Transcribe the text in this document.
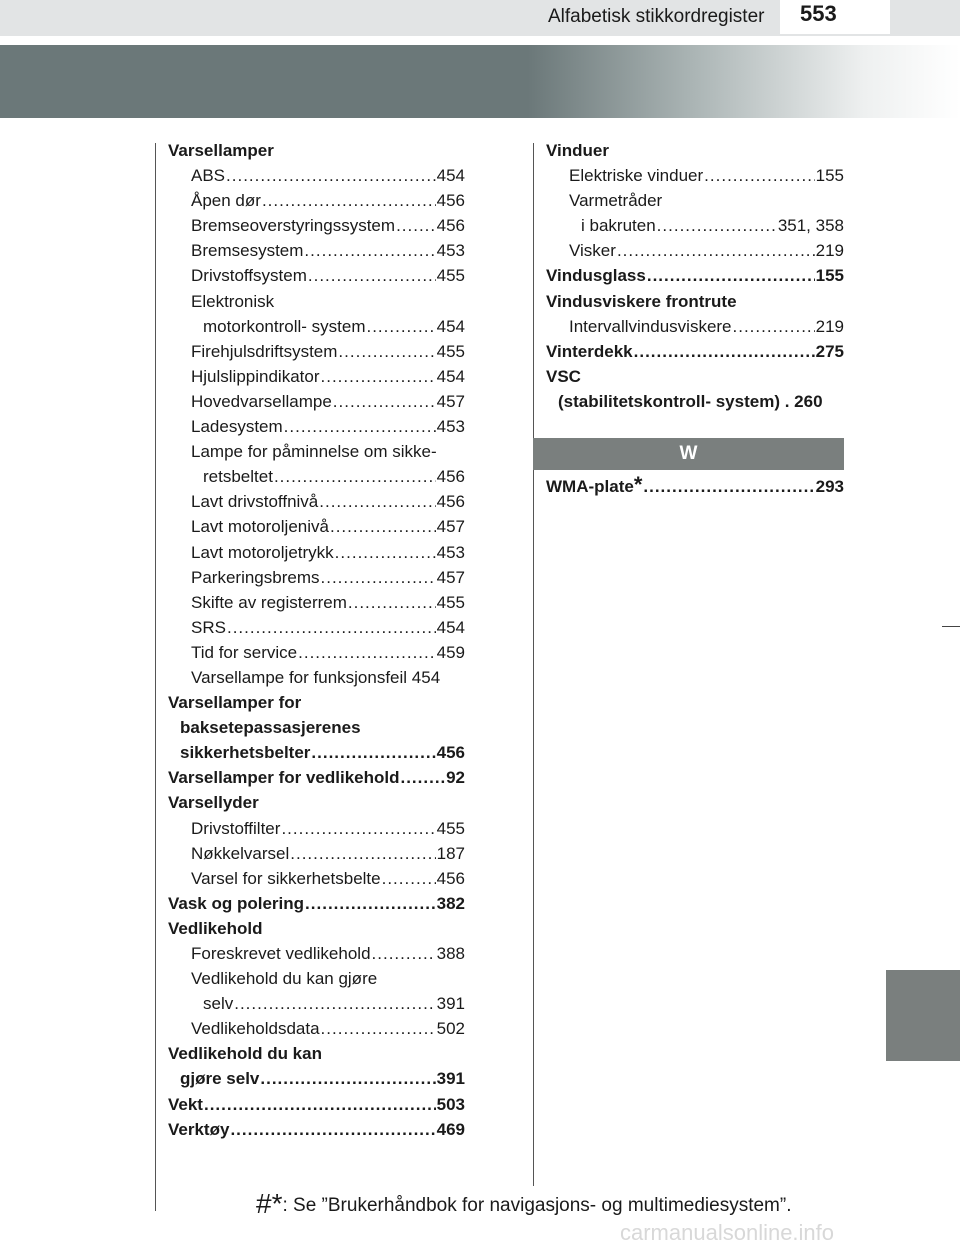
Alfabetisk stikkordregister 553
Varsellamper
ABS .....	454
Åpen dør .....	456
Bremseoverstyringssystem ..... 456
Bremsesystem .....	453
Drivstoffsystem .....	455
Elektronisk
motorkontroll- system .....	454
Firehjulsdriftsystem .....	455
Hjulslippindikator .....	454
Hovedvarsellampe .....	457
Ladesystem .....	453
Lampe for påminnelse om sikke-
retsbeltet .....	456
Lavt drivstoffnivå .....	456
Lavt motoroljenivå .....	457
Lavt motoroljetrykk .....	453
Parkeringsbrems .....	457
Skifte av registerrem .....	455
SRS .....	454
Tid for service .....	459
Varsellampe for funksjonsfeil 454
Varsellamper for
baksetepassasjerenes
sikkerhetsbelter .....	456
Varsellamper for vedlikehold .....	92
Varsellyder
Drivstoffilter .....	455
Nøkkelvarsel .....	187
Varsel for sikkerhetsbelte .....	456
Vask og polering .....	382
Vedlikehold
Foreskrevet vedlikehold .....	388
Vedlikehold du kan gjøre
selv .....	391
Vedlikeholdsdata .....	502
Vedlikehold du kan
gjøre selv .....	391
Vekt .....	503
Verktøy .....	469
Vinduer
Elektriske vinduer .....	155
Varmetråder
i bakruten .....	351, 358
Visker .....	219
Vindusglass .....	155
Vindusviskere frontrute
Intervallvindusviskere .....	219
Vinterdekk .....	275
VSC
(stabilitetskontroll- system) . 260
W
WMA-plate * .....	293
#*: Se ”Brukerhåndbok for navigasjons- og multimediesystem”.
carmanualsonline.info
